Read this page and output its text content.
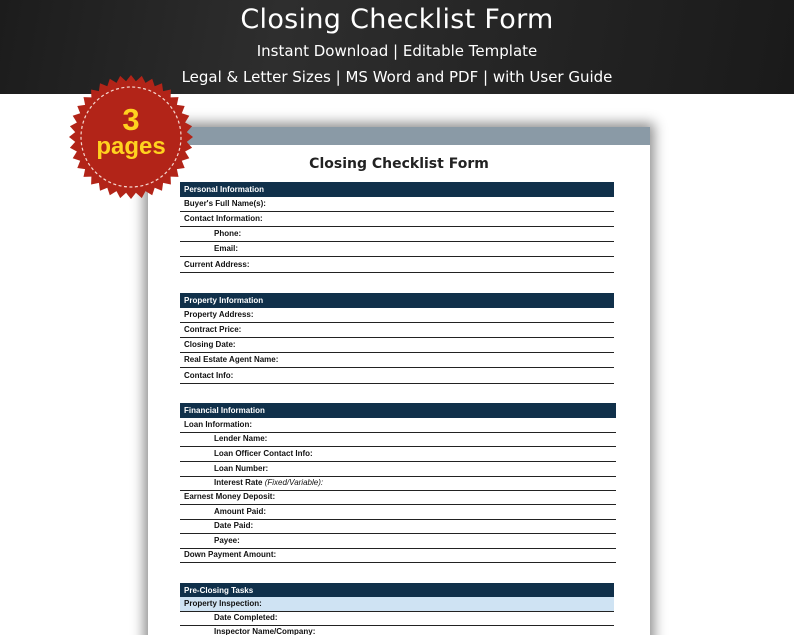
Closing Checklist Form
Instant Download | Editable Template
Legal & Letter Sizes | MS Word and PDF | with User Guide
Closing Checklist Form
Personal Information
Buyer's Full Name(s):
Contact Information:
Phone:
Email:
Current Address:
Property Information
Property Address:
Contract Price:
Closing Date:
Real Estate Agent Name:
Contact Info:
Financial Information
Loan Information:
Lender Name:
Loan Officer Contact Info:
Loan Number:
Interest Rate (Fixed/Variable):
Earnest Money Deposit:
Amount Paid:
Date Paid:
Payee:
Down Payment Amount:
Pre-Closing Tasks
Property Inspection:
Date Completed:
Inspector Name/Company:
3
pages
